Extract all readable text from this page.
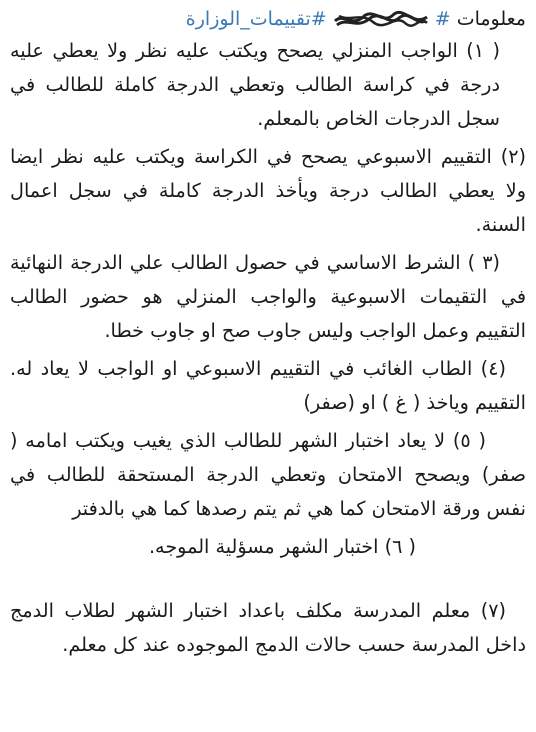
معلومات
#
#تقييمات_الوزارة

( ١) الواجب المنزلي يصحح ويكتب عليه نظر ولا يعطي عليه درجة في كراسة الطالب وتعطي الدرجة كاملة للطالب في سجل الدرجات الخاص بالمعلم.

(٢) التقييم الاسبوعي يصحح في الكراسة ويكتب عليه نظر ايضا ولا يعطي الطالب درجة ويأخذ الدرجة كاملة في سجل اعمال السنة.

(٣ ) الشرط الاساسي في حصول الطالب علي الدرجة النهائية في التقيمات الاسبوعية والواجب المنزلي هو حضور الطالب التقييم وعمل الواجب وليس جاوب صح او جاوب خطا.

(٤) الطاب الغائب في التقييم الاسبوعي او الواجب لا يعاد له. التقييم وياخذ ( غ ) او (صفر)

( ٥) لا يعاد اختبار الشهر للطالب الذي يغيب ويكتب امامه ( صفر) ويصحح الامتحان وتعطي الدرجة المستحقة للطالب في نفس ورقة الامتحان كما هي ثم يتم رصدها كما هي بالدفتر

( ٦) اختبار الشهر مسؤلية الموجه.

(٧) معلم المدرسة مكلف باعداد اختبار الشهر لطلاب الدمج داخل المدرسة حسب حالات الدمج الموجوده عند كل معلم.
